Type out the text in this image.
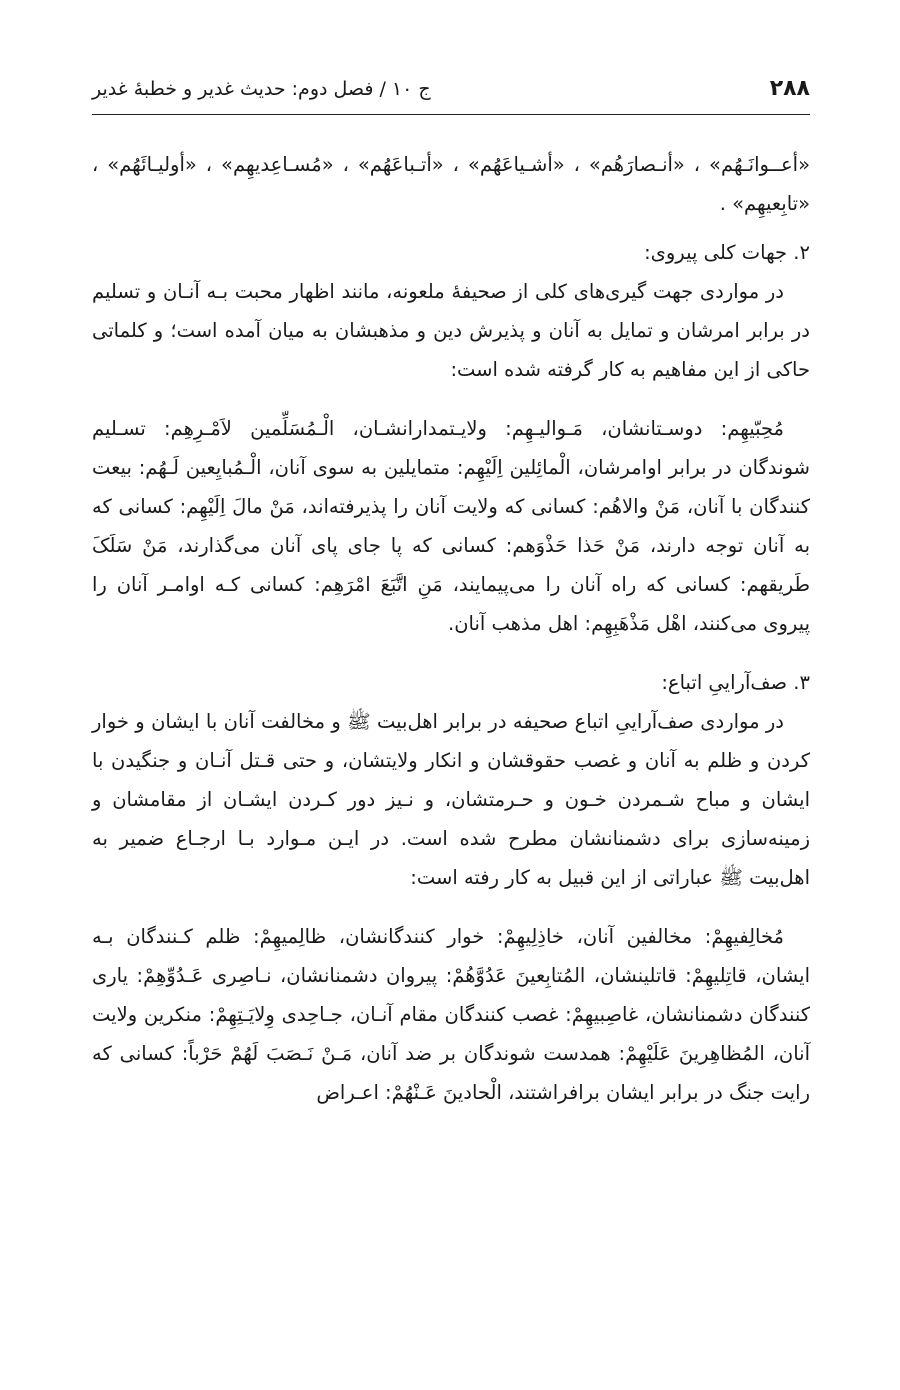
۲۸۸
ج ۱۰ / فصل دوم: حدیث غدیر و خطبهٔ غدیر

«أعــوانَـهُم» ، «أنـصارَهُم» ، «أشـیاعَهُم» ، «أتـباعَهُم» ، «مُسـاعِدیهِم» ، «أولیـائَهُم» ، «تابِعیهِم» .

۲. جهات کلی پیروی:

در مواردی جهت گیری‌های کلی از صحیفهٔ ملعونه، مانند اظهار محبت بـه آنـان و تسلیم در برابر امرشان و تمایل به آنان و پذیرش دین و مذهبشان به میان آمده است؛ و کلماتی حاکی از این مفاهیم به کار گرفته شده است:

مُحِبّیهِم: دوسـتانشان، مَـوالیـهِم: ولایـتمدارانشـان، الْـمُسَلِّمین لاَمْـرِهِم: تسـلیم شوندگان در برابر اوامرشان، الْمائِلین اِلَیْهِم: متمایلین به سوی آنان، الْـمُبایِعین لَـهُم: بیعت کنندگان با آنان، مَنْ والاهُم: کسانی که ولایت آنان را پذیرفته‌اند، مَنْ مالَ اِلَیْهِم: کسانی که به آنان توجه دارند، مَنْ حَذا حَذْوَهم: کسانی که پا جای پای آنان می‌گذارند، مَنْ سَلَکَ طَریقهم: کسانی که راه آنان را می‌پیمایند، مَنِ اتَّبَعَ امْرَهِم: کسانی کـه اوامـر آنان را پیروی می‌کنند، اهْل مَذْهَبِهِم: اهل مذهب آنان.

۳. صف‌آراییِ اتباع:

در مواردی صف‌آراییِ اتباع صحیفه در برابر اهل‌بیت ﷺ و مخالفت آنان با ایشان و خوار کردن و ظلم به آنان و غصب حقوقشان و انکار ولایتشان، و حتی قـتل آنـان و جنگیدن با ایشان و مباح شـمردن خـون و حـرمتشان، و نـیز دور کـردن ایشـان از مقامشان و زمینه‌سازی برای دشمنانشان مطرح شده است. در ایـن مـوارد بـا ارجـاع ضمیر به اهل‌بیت ﷺ عباراتی از این قبیل به کار رفته است:

مُخالِفیهِمْ: مخالفین آنان، خاذِلِیهِمْ: خوار کنندگانشان، ظالِمیهِمْ: ظلم کـنندگان بـه ایشان، قاتِلیهِمْ: قاتلینشان، المُتابِعینَ عَدُوَّهُمْ: پیروان دشمنانشان، نـاصِری عَـدُوِّهِمْ: یاری کنندگان دشمنانشان، غاصِبیهِمْ: غصب کنندگان مقام آنـان، جـاحِدی وِلایَـتِهِمْ: منکرین ولایت آنان، المُظاهِرینَ عَلَیْهِمْ: همدست شوندگان بر ضد آنان، مَـنْ نَـصَبَ لَهُمْ حَرْباً: کسانی که رایت جنگ در برابر ایشان برافراشتند، الْحادینَ عَـنْهُمْ: اعـراض
